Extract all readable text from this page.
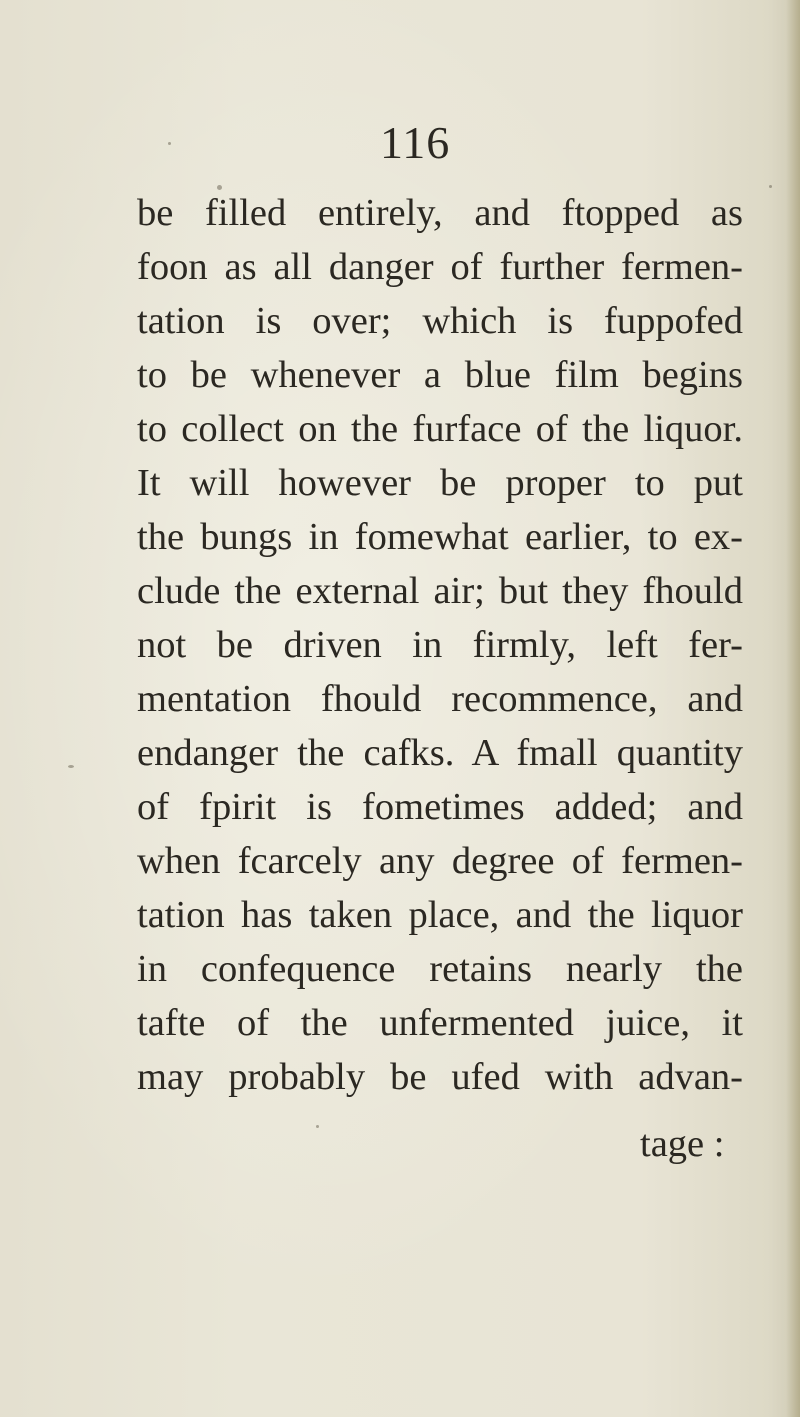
116
be filled entirely, and ftopped as
foon as all danger of further fermen-
tation is over; which is fuppofed
to be whenever a blue film begins
to collect on the furface of the liquor.
It will however be proper to put
the bungs in fomewhat earlier, to ex-
clude the external air; but they fhould
not be driven in firmly, left fer-
mentation fhould recommence, and
endanger the cafks. A fmall quantity
of fpirit is fometimes added; and
when fcarcely any degree of fermen-
tation has taken place, and the liquor
in confequence retains nearly the
tafte of the unfermented juice, it
may probably be ufed with advan-
tage :
